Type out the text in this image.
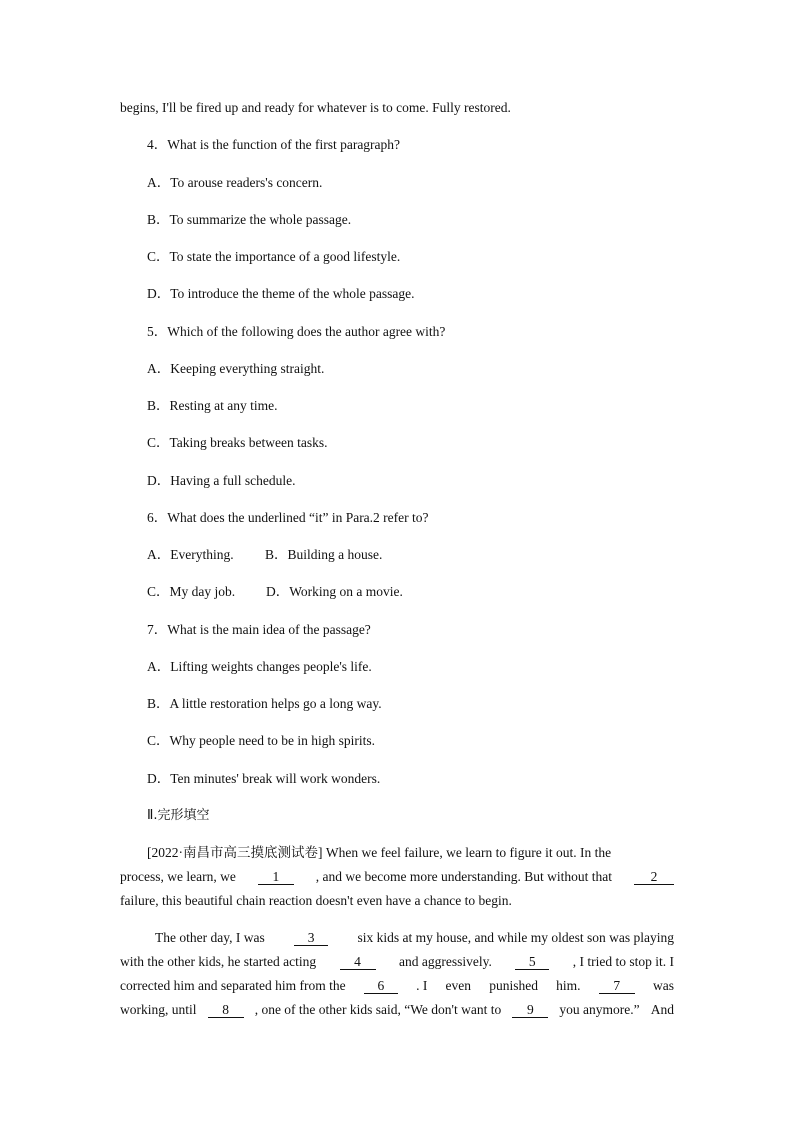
begins, I'll be fired up and ready for whatever is to come. Fully restored.
4．What is the function of the first paragraph?
A．To arouse readers's concern.
B．To summarize the whole passage.
C．To state the importance of a good lifestyle.
D．To introduce the theme of the whole passage.
5．Which of the following does the author agree with?
A．Keeping everything straight.
B．Resting at any time.
C．Taking breaks between tasks.
D．Having a full schedule.
6．What does the underlined “it” in Para.2 refer to?
A．Everything. B．Building a house.
C．My day job. D．Working on a movie.
7．What is the main idea of the passage?
A．Lifting weights changes people's life.
B．A little restoration helps go a long way.
C．Why people need to be in high spirits.
D．Ten minutes' break will work wonders.
Ⅱ.完形填空
[2022·南昌市高三摸底测试卷] When we feel failure, we learn to figure it out. In the
process, we learn, we	1	, and we become more understanding. But without that	2
failure, this beautiful chain reaction doesn't even have a chance to begin.
The other day, I was	3	six kids at my house, and while my oldest son was playing
with the other kids, he started acting	4	and aggressively.	5	, I tried to stop it. I
corrected him and separated him from the	6	. I even punished him.	7	was
working, until	8	, one of the other kids said, “We don't want to	9	you anymore.” And
